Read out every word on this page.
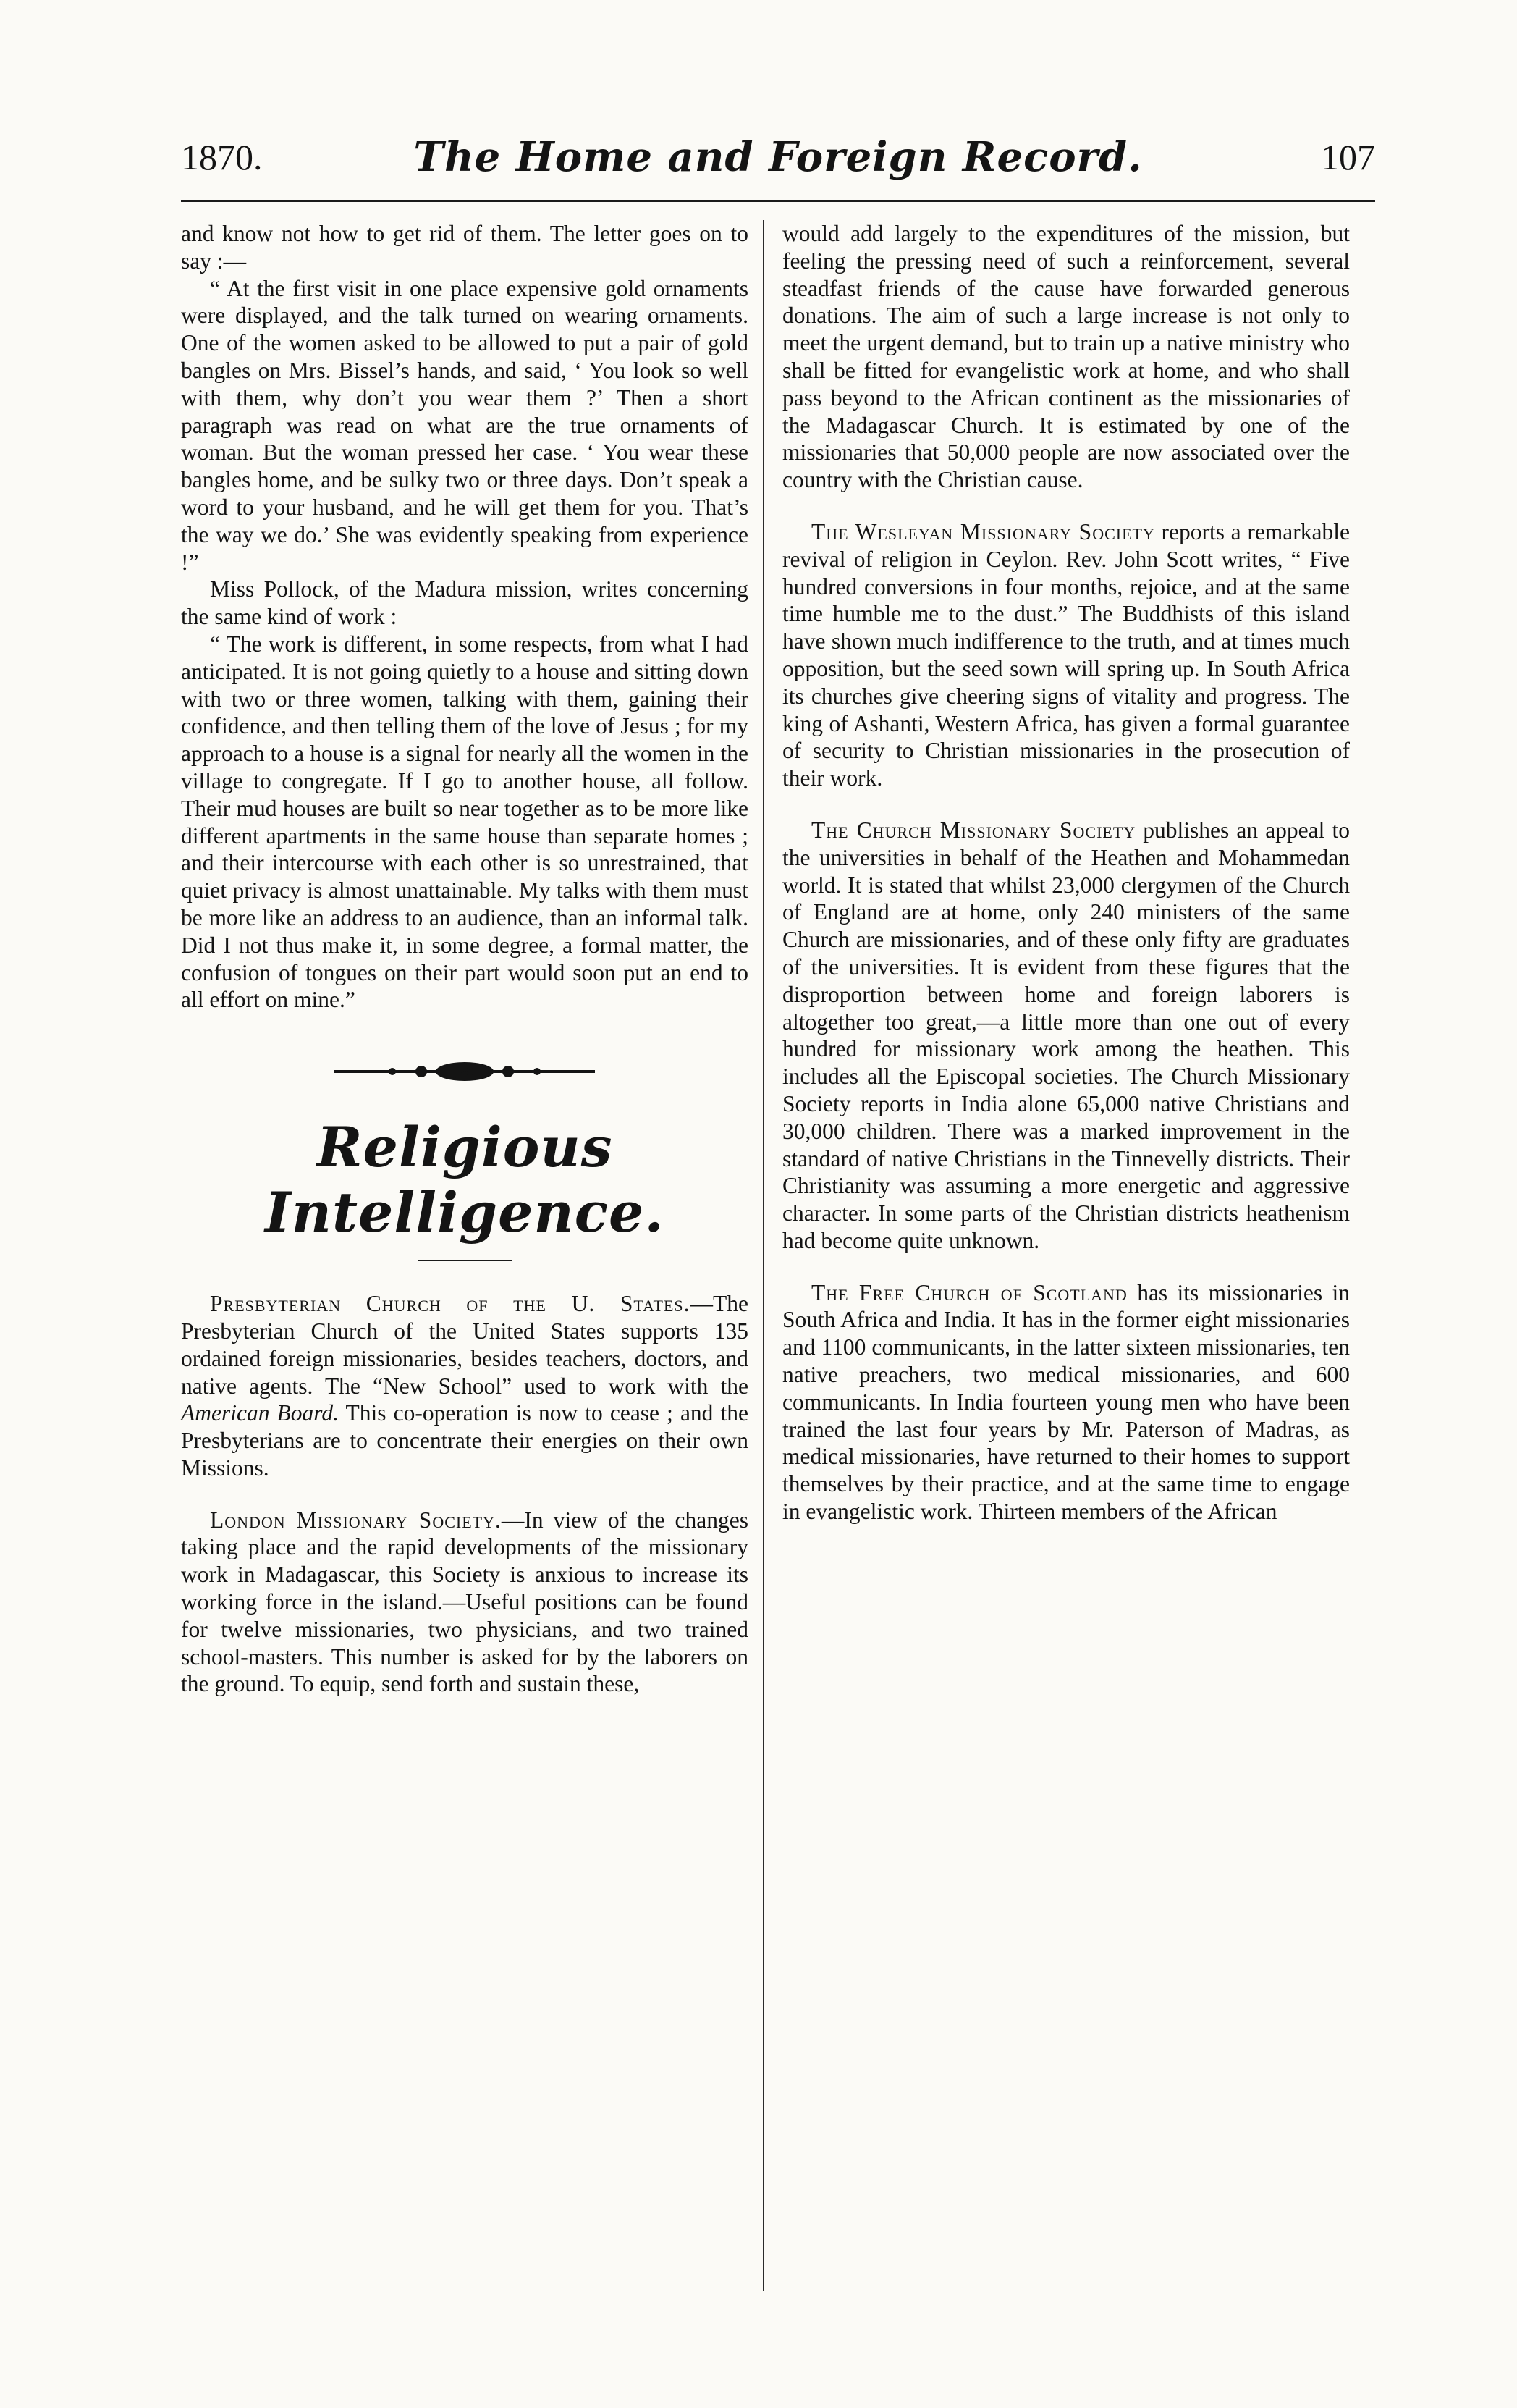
1870.	The Home and Foreign Record.	107

and know not how to get rid of them. The letter goes on to say :—

“ At the first visit in one place expensive gold ornaments were displayed, and the talk turned on wearing ornaments. One of the women asked to be allowed to put a pair of gold bangles on Mrs. Bissel’s hands, and said, ‘ You look so well with them, why don’t you wear them ?’ Then a short paragraph was read on what are the true ornaments of woman. But the woman pressed her case. ‘ You wear these bangles home, and be sulky two or three days. Don’t speak a word to your husband, and he will get them for you. That’s the way we do.’ She was evidently speaking from experience !”

Miss Pollock, of the Madura mission, writes concerning the same kind of work :

“ The work is different, in some respects, from what I had anticipated. It is not going quietly to a house and sitting down with two or three women, talking with them, gaining their confidence, and then telling them of the love of Jesus ; for my approach to a house is a signal for nearly all the women in the village to congregate. If I go to another house, all follow. Their mud houses are built so near together as to be more like different apartments in the same house than separate homes ; and their intercourse with each other is so unrestrained, that quiet privacy is almost unattainable. My talks with them must be more like an address to an audience, than an informal talk. Did I not thus make it, in some degree, a formal matter, the confusion of tongues on their part would soon put an end to all effort on mine.”

Religious Intelligence.

Presbyterian Church of the U. States.—The Presbyterian Church of the United States supports 135 ordained foreign missionaries, besides teachers, doctors, and native agents. The “New School” used to work with the American Board. This co-operation is now to cease ; and the Presbyterians are to concentrate their energies on their own Missions.

London Missionary Society.—In view of the changes taking place and the rapid developments of the missionary work in Madagascar, this Society is anxious to increase its working force in the island.—Useful positions can be found for twelve missionaries, two physicians, and two trained school-masters. This number is asked for by the laborers on the ground. To equip, send forth and sustain these,

would add largely to the expenditures of the mission, but feeling the pressing need of such a reinforcement, several steadfast friends of the cause have forwarded generous donations. The aim of such a large increase is not only to meet the urgent demand, but to train up a native ministry who shall be fitted for evangelistic work at home, and who shall pass beyond to the African continent as the missionaries of the Madagascar Church. It is estimated by one of the missionaries that 50,000 people are now associated over the country with the Christian cause.

The Wesleyan Missionary Society reports a remarkable revival of religion in Ceylon. Rev. John Scott writes, “ Five hundred conversions in four months, rejoice, and at the same time humble me to the dust.” The Buddhists of this island have shown much indifference to the truth, and at times much opposition, but the seed sown will spring up. In South Africa its churches give cheering signs of vitality and progress. The king of Ashanti, Western Africa, has given a formal guarantee of security to Christian missionaries in the prosecution of their work.

The Church Missionary Society publishes an appeal to the universities in behalf of the Heathen and Mohammedan world. It is stated that whilst 23,000 clergymen of the Church of England are at home, only 240 ministers of the same Church are missionaries, and of these only fifty are graduates of the universities. It is evident from these figures that the disproportion between home and foreign laborers is altogether too great,—a little more than one out of every hundred for missionary work among the heathen. This includes all the Episcopal societies. The Church Missionary Society reports in India alone 65,000 native Christians and 30,000 children. There was a marked improvement in the standard of native Christians in the Tinnevelly districts. Their Christianity was assuming a more energetic and aggressive character. In some parts of the Christian districts heathenism had become quite unknown.

The Free Church of Scotland has its missionaries in South Africa and India. It has in the former eight missionaries and 1100 communicants, in the latter sixteen missionaries, ten native preachers, two medical missionaries, and 600 communicants. In India fourteen young men who have been trained the last four years by Mr. Paterson of Madras, as medical missionaries, have returned to their homes to support themselves by their practice, and at the same time to engage in evangelistic work. Thirteen members of the African
